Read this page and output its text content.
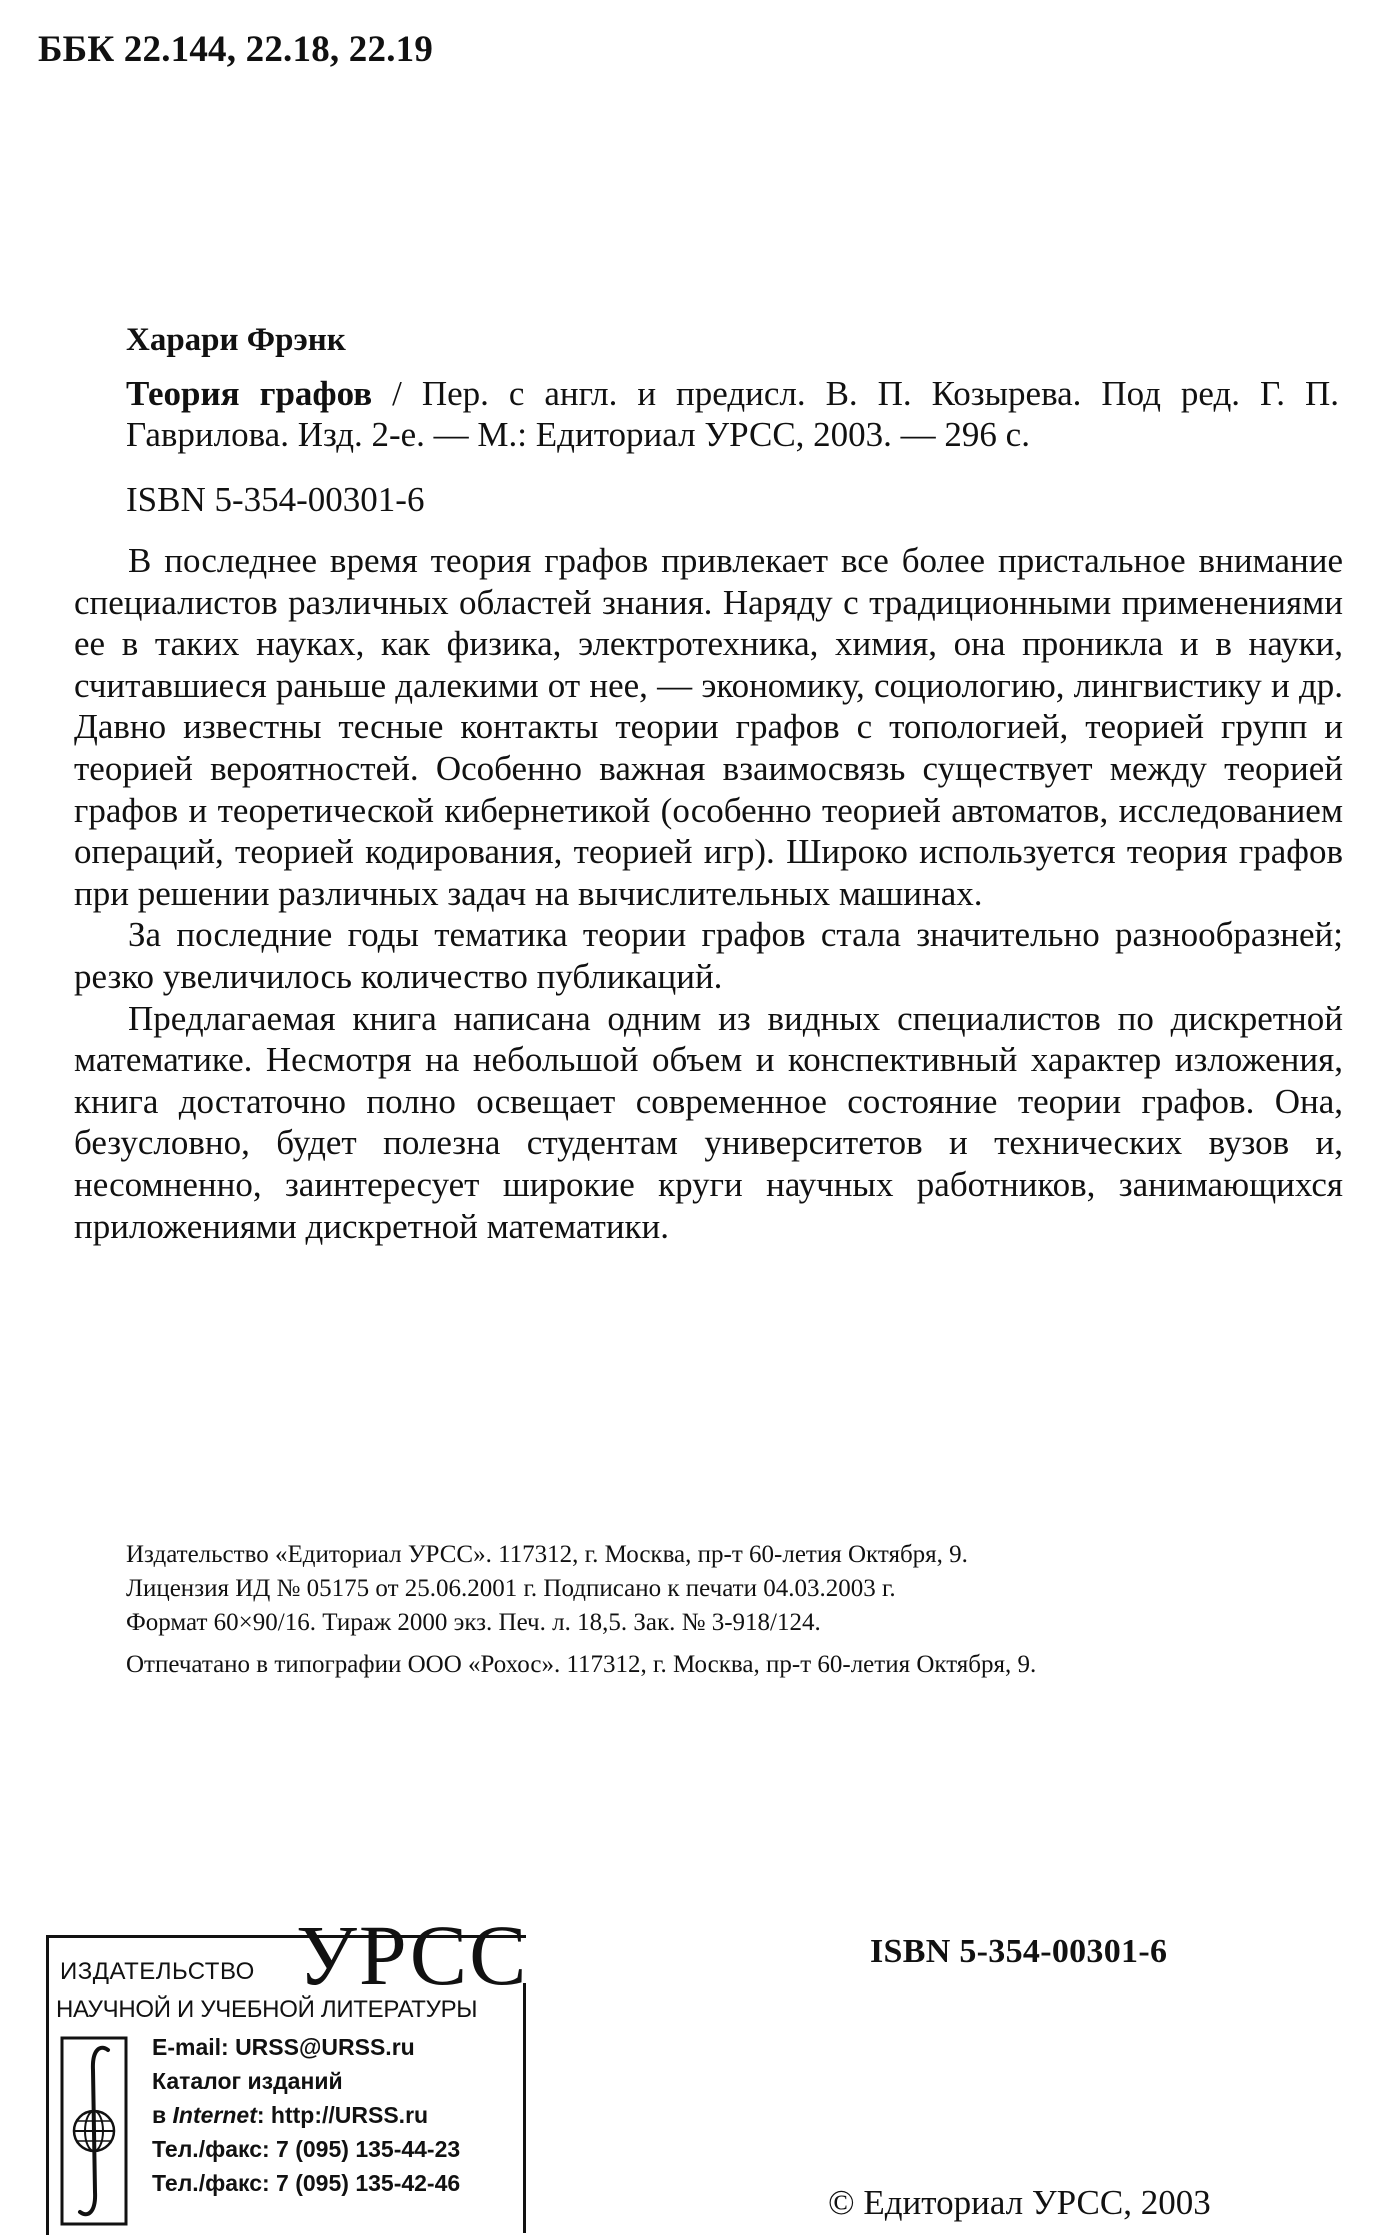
ББК 22.144, 22.18, 22.19
Харари Фрэнк
Теория графов / Пер. с англ. и предисл. В. П. Козырева. Под ред. Г. П. Гаврилова. Изд. 2-е. — М.: Едиториал УРСС, 2003. — 296 с.
ISBN 5-354-00301-6

В последнее время теория графов привлекает все более пристальное внимание специалистов различных областей знания. Наряду с традиционными применениями ее в таких науках, как физика, электротехника, химия, она проникла и в науки, считавшиеся раньше далекими от нее, — экономику, социологию, лингвистику и др. Давно известны тесные контакты теории графов с топологией, теорией групп и теорией вероятностей. Особенно важная взаимосвязь существует между теорией графов и теоретической кибернетикой (особенно теорией автоматов, исследованием операций, теорией кодирования, теорией игр). Широко используется теория графов при решении различных задач на вычислительных машинах.

За последние годы тематика теории графов стала значительно разнообразней; резко увеличилось количество публикаций.

Предлагаемая книга написана одним из видных специалистов по дискретной математике. Несмотря на небольшой объем и конспективный характер изложения, книга достаточно полно освещает современное состояние теории графов. Она, безусловно, будет полезна студентам университетов и технических вузов и, несомненно, заинтересует широкие круги научных работников, занимающихся приложениями дискретной математики.

Издательство «Едиториал УРСС». 117312, г. Москва, пр-т 60-летия Октября, 9.
Лицензия ИД № 05175 от 25.06.2001 г. Подписано к печати 04.03.2003 г.
Формат 60×90/16. Тираж 2000 экз. Печ. л. 18,5. Зак. № 3-918/124.
Отпечатано в типографии ООО «Рохос». 117312, г. Москва, пр-т 60-летия Октября, 9.
ИЗДАТЕЛЬСТВО УРСС
НАУЧНОЙ И УЧЕБНОЙ ЛИТЕРАТУРЫ
E-mail: URSS@URSS.ru
Каталог изданий
в Internet: http://URSS.ru
Тел./факс: 7 (095) 135-44-23
Тел./факс: 7 (095) 135-42-46
ISBN 5-354-00301-6
© Едиториал УРСС, 2003
